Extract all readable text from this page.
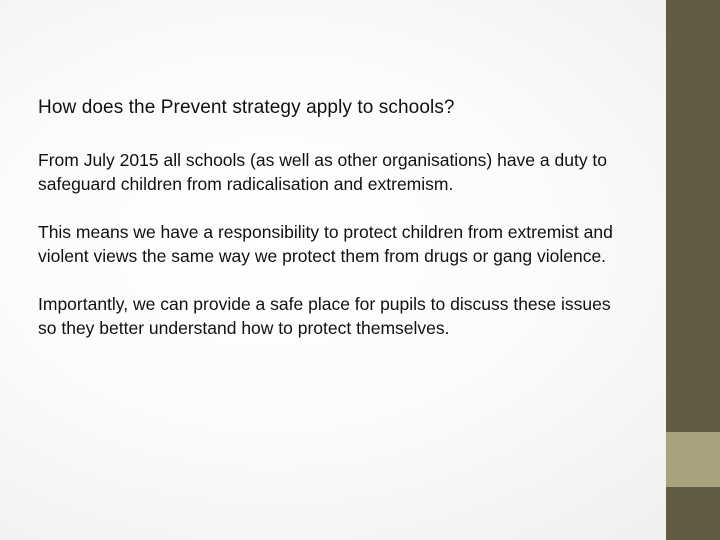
How does the Prevent strategy apply to schools?

From July 2015 all schools (as well as other organisations) have a duty to safeguard children from radicalisation and extremism.

This means we have a responsibility to protect children from extremist and violent views the same way we protect them from drugs or gang violence.

Importantly, we can provide a safe place for pupils to discuss these issues so they better understand how to protect themselves.
